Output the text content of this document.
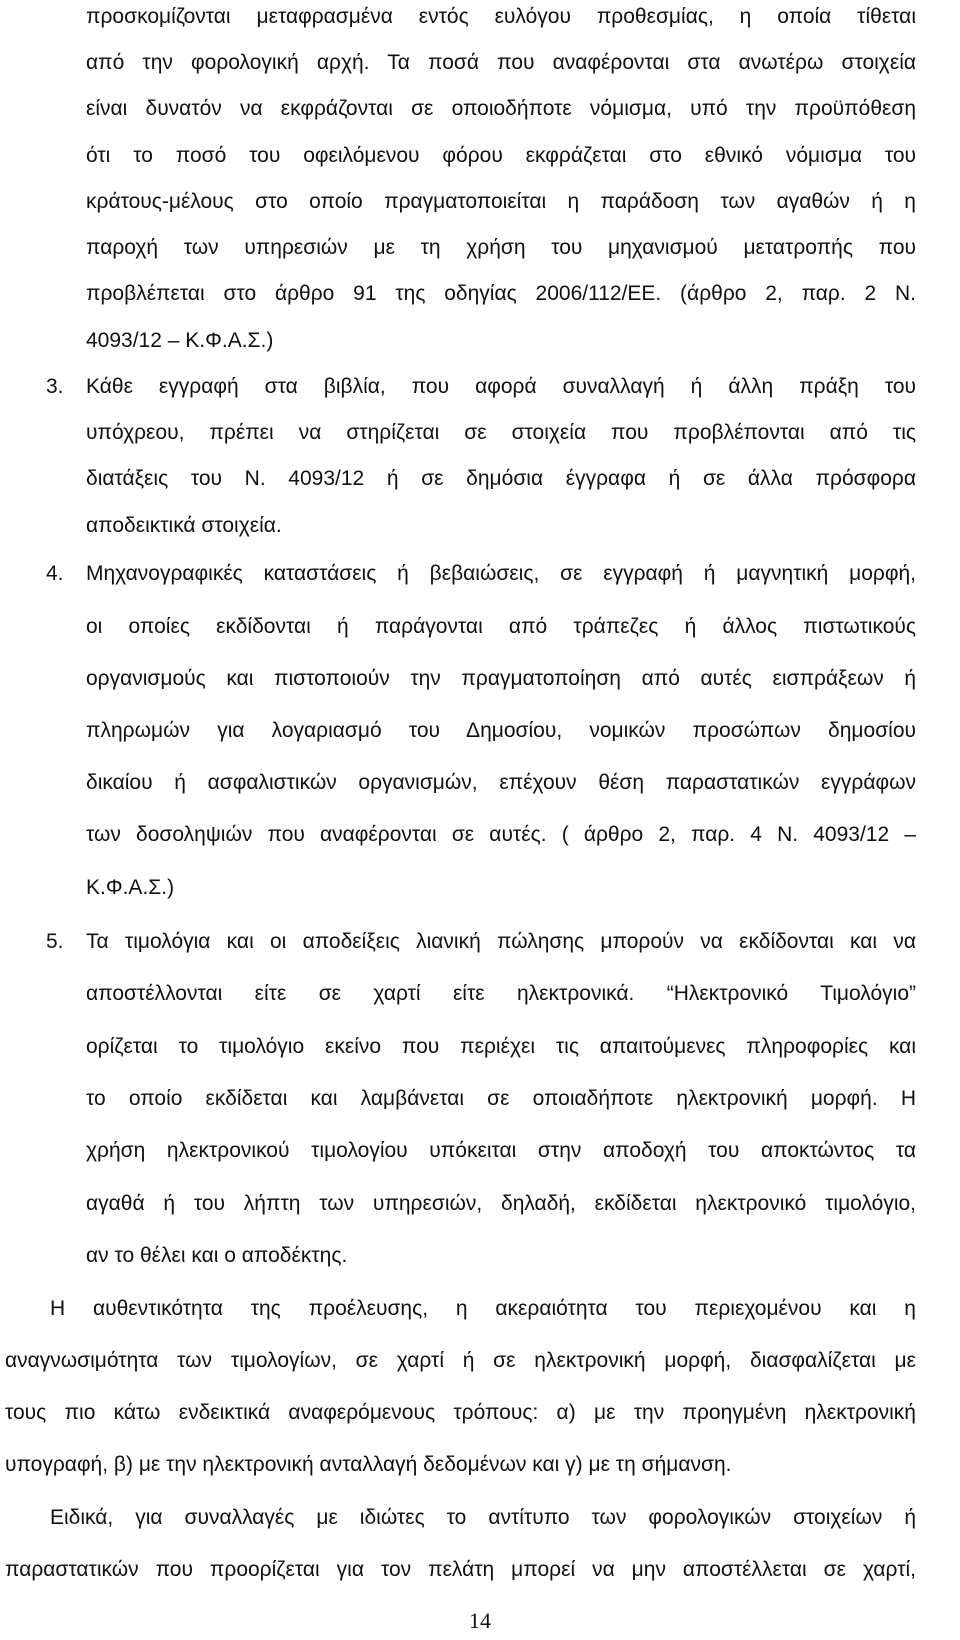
προσκομίζονται μεταφρασμένα εντός ευλόγου προθεσμίας, η οποία τίθεται
από την φορολογική αρχή. Τα ποσά που αναφέρονται στα ανωτέρω στοιχεία
είναι δυνατόν να εκφράζονται σε οποιοδήποτε νόμισμα, υπό την προϋπόθεση
ότι το ποσό του οφειλόμενου φόρου εκφράζεται στο εθνικό νόμισμα του
κράτους-μέλους στο οποίο πραγματοποιείται η παράδοση των αγαθών ή η
παροχή των υπηρεσιών με τη χρήση του μηχανισμού μετατροπής που
προβλέπεται στο άρθρο 91 της οδηγίας 2006/112/ΕΕ. (άρθρο 2, παρ. 2 Ν.
4093/12 – Κ.Φ.Α.Σ.)
3. Κάθε εγγραφή στα βιβλία, που αφορά συναλλαγή ή άλλη πράξη του
υπόχρεου, πρέπει να στηρίζεται σε στοιχεία που προβλέπονται από τις
διατάξεις του Ν. 4093/12 ή σε δημόσια έγγραφα ή σε άλλα πρόσφορα
αποδεικτικά στοιχεία.
4. Μηχανογραφικές καταστάσεις ή βεβαιώσεις, σε εγγραφή ή μαγνητική μορφή,
οι οποίες εκδίδονται ή παράγονται από τράπεζες ή άλλος πιστωτικούς
οργανισμούς και πιστοποιούν την πραγματοποίηση από αυτές εισπράξεων ή
πληρωμών για λογαριασμό του Δημοσίου, νομικών προσώπων δημοσίου
δικαίου ή ασφαλιστικών οργανισμών, επέχουν θέση παραστατικών εγγράφων
των δοσοληψιών που αναφέρονται σε αυτές. ( άρθρο 2, παρ. 4 Ν. 4093/12 –
Κ.Φ.Α.Σ.)
5. Τα τιμολόγια και οι αποδείξεις λιανική πώλησης μπορούν να εκδίδονται και να
αποστέλλονται είτε σε χαρτί είτε ηλεκτρονικά. “Ηλεκτρονικό Τιμολόγιο”
ορίζεται το τιμολόγιο εκείνο που περιέχει τις απαιτούμενες πληροφορίες και
το οποίο εκδίδεται και λαμβάνεται σε οποιαδήποτε ηλεκτρονική μορφή. Η
χρήση ηλεκτρονικού τιμολογίου υπόκειται στην αποδοχή του αποκτώντος τα
αγαθά ή του λήπτη των υπηρεσιών, δηλαδή, εκδίδεται ηλεκτρονικό τιμολόγιο,
αν το θέλει και ο αποδέκτης.
Η αυθεντικότητα της προέλευσης, η ακεραιότητα του περιεχομένου και η
αναγνωσιμότητα των τιμολογίων, σε χαρτί ή σε ηλεκτρονική μορφή, διασφαλίζεται με
τους πιο κάτω ενδεικτικά αναφερόμενους τρόπους: α) με την προηγμένη ηλεκτρονική
υπογραφή, β) με την ηλεκτρονική ανταλλαγή δεδομένων και γ) με τη σήμανση.
Ειδικά, για συναλλαγές με ιδιώτες το αντίτυπο των φορολογικών στοιχείων ή
παραστατικών που προορίζεται για τον πελάτη μπορεί να μην αποστέλλεται σε χαρτί,
14
